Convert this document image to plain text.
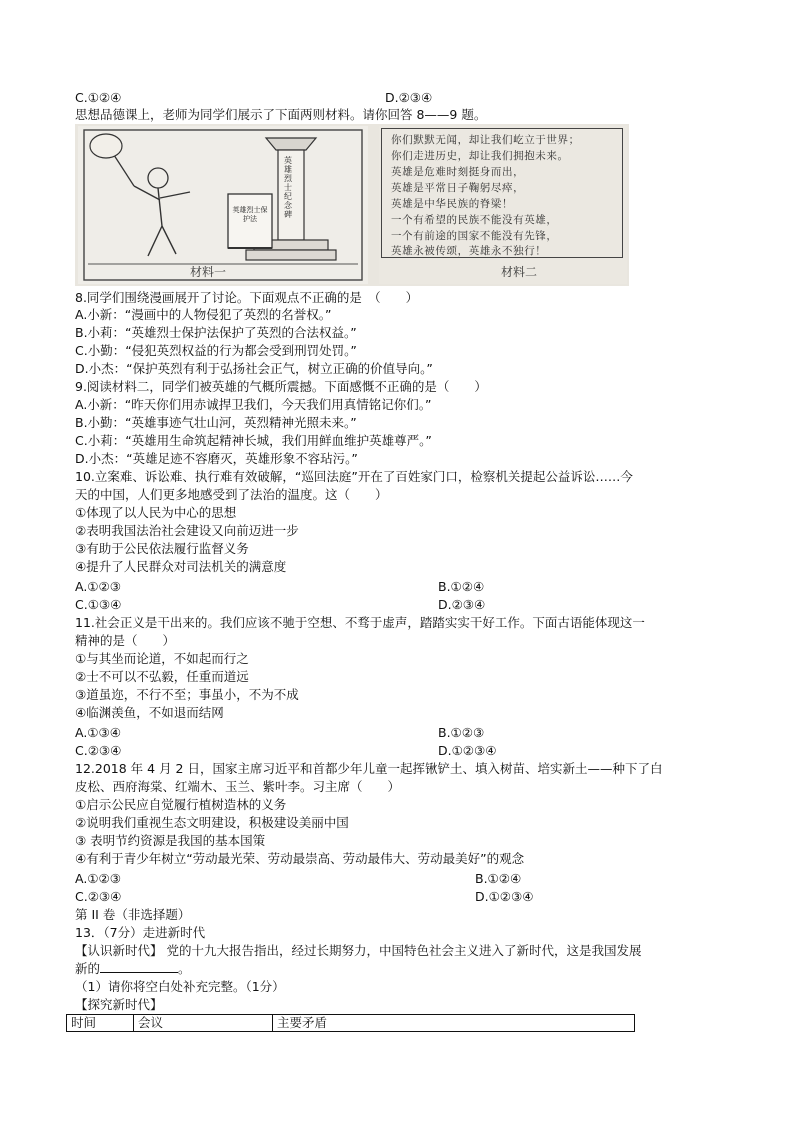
C.①②④	D.②③④
思想品德课上，老师为同学们展示了下面两则材料。请你回答 8——9 题。
英雄烈士纪念碑
英雄烈士保护法
材料一
你们默默无闻，却让我们屹立于世界；
你们走进历史，却让我们拥抱未来。
英雄是危难时刻挺身而出，
英雄是平常日子鞠躬尽瘁，
英雄是中华民族的脊梁！
一个有希望的民族不能没有英雄，
一个有前途的国家不能没有先锋，
英雄永被传颂，英雄永不独行！
材料二
8.同学们围绕漫画展开了讨论。下面观点不正确的是　（　　）
A.小新：“漫画中的人物侵犯了英烈的名誉权。”
B.小莉：“英雄烈士保护法保护了英烈的合法权益。”
C.小勤：“侵犯英烈权益的行为都会受到刑罚处罚。”
D.小杰：“保护英烈有利于弘扬社会正气，树立正确的价值导向。”
9.阅读材料二，同学们被英雄的气概所震撼。下面感慨不正确的是（　　）
A.小新：“昨天你们用赤诚捍卫我们，今天我们用真情铭记你们。”
B.小勤：“英雄事迹气壮山河，英烈精神光照未来。”
C.小莉：“英雄用生命筑起精神长城，我们用鲜血维护英雄尊严。”
D.小杰：“英雄足迹不容磨灭，英雄形象不容玷污。”
10.立案难、诉讼难、执行难有效破解，“巡回法庭”开在了百姓家门口，检察机关提起公益诉讼……今
天的中国，人们更多地感受到了法治的温度。这（　　）
①体现了以人民为中心的思想
②表明我国法治社会建设又向前迈进一步
③有助于公民依法履行监督义务
④提升了人民群众对司法机关的满意度
A.①②③	B.①②④
C.①③④	D.②③④
11.社会正义是干出来的。我们应该不驰于空想、不骛于虚声，踏踏实实干好工作。下面古语能体现这一
精神的是（　　）
①与其坐而论道，不如起而行之
②士不可以不弘毅，任重而道远
③道虽迩，不行不至；事虽小，不为不成
④临渊羡鱼，不如退而结网
A.①③④	B.①②③
C.②③④	D.①②③④
12.2018 年 4 月 2 日，国家主席习近平和首都少年儿童一起挥锹铲土、填入树苗、培实新土——种下了白
皮松、西府海棠、红端木、玉兰、紫叶李。习主席（　　）
①启示公民应自觉履行植树造林的义务
②说明我们重视生态文明建设，积极建设美丽中国
③ 表明节约资源是我国的基本国策
④有利于青少年树立“劳动最光荣、劳动最崇高、劳动最伟大、劳动最美好”的观念
A.①②③	B.①②④
C.②③④	D.①②③④
第 II 卷（非选择题）
13．（7分）走进新时代
【认识新时代】 党的十九大报告指出，经过长期努力，中国特色社会主义进入了新时代，这是我国发展
新的	。
（1）请你将空白处补充完整。（1分）
【探究新时代】
时间	会议	主要矛盾
